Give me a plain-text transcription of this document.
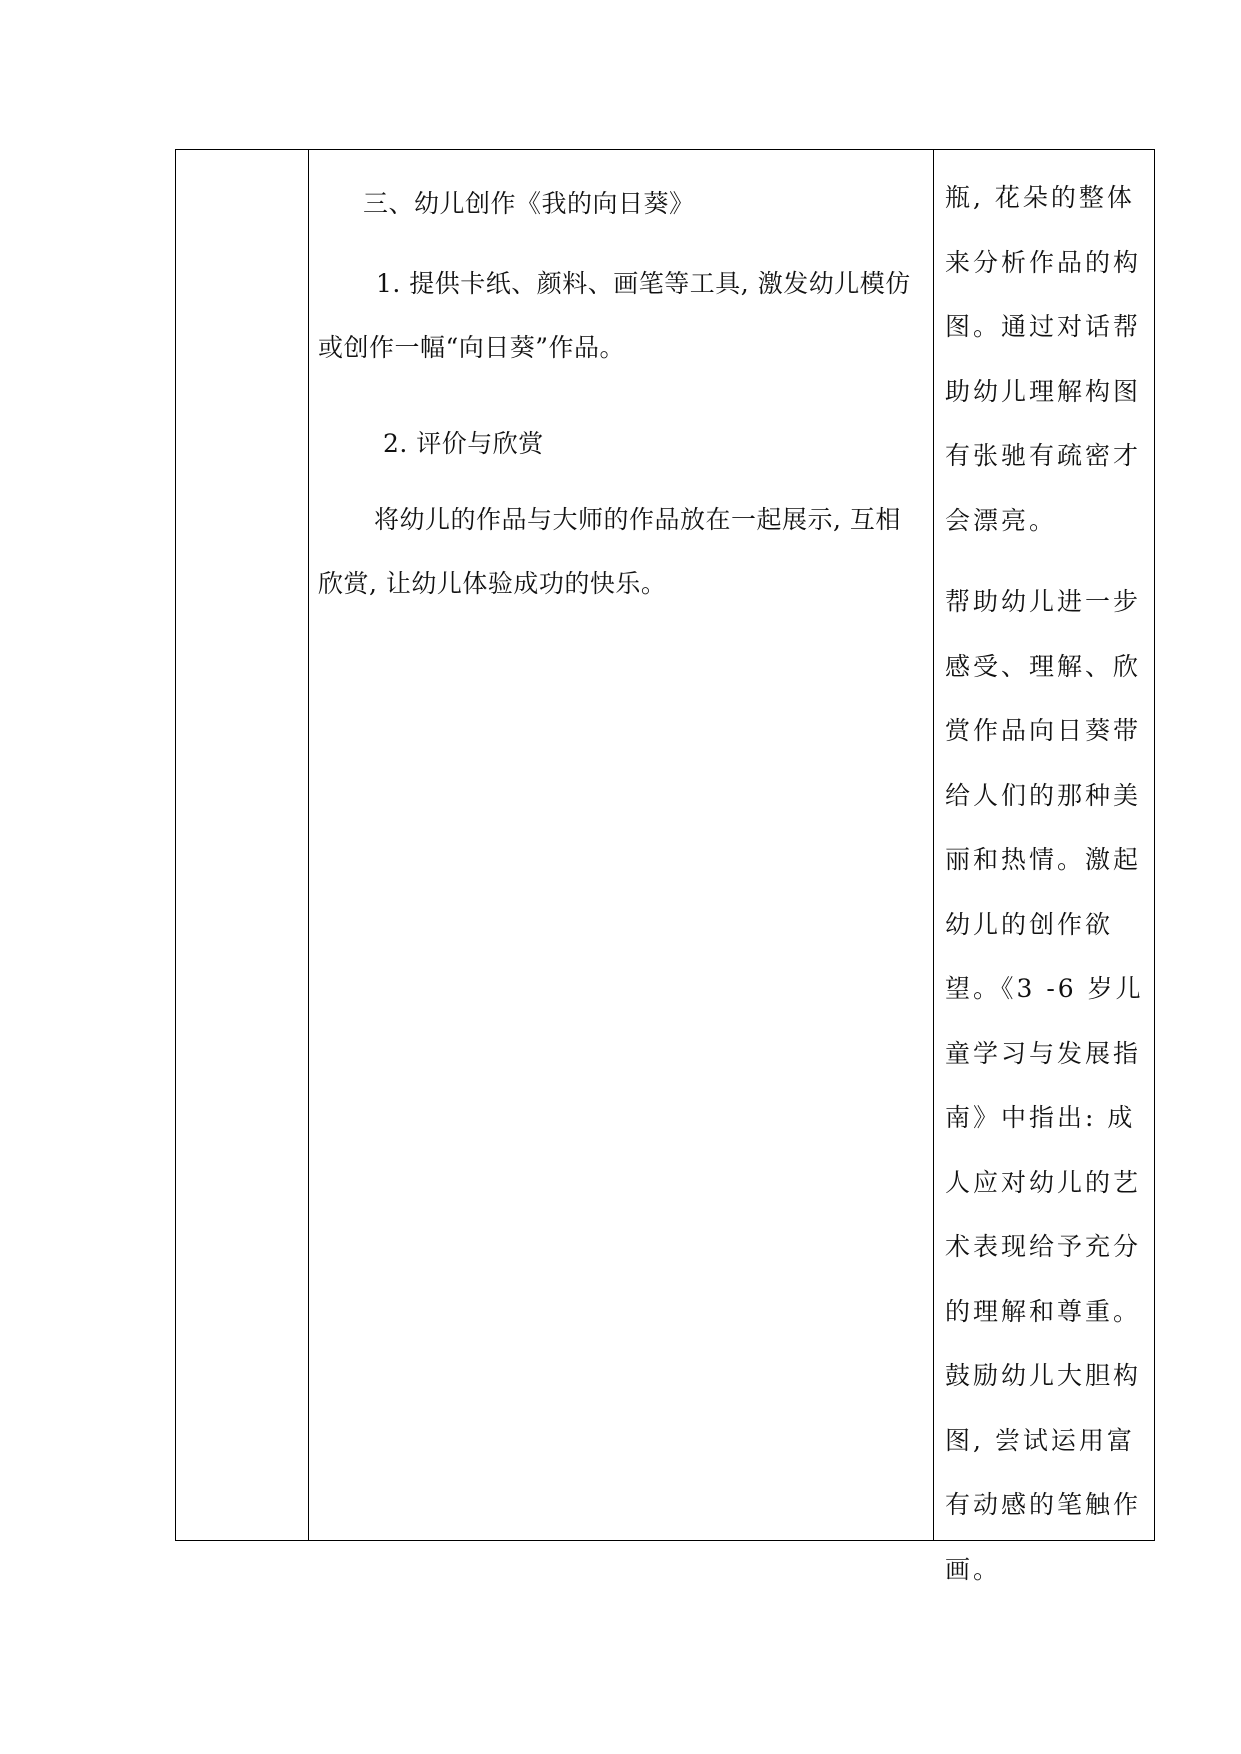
三、幼儿创作《我的向日葵》

1. 提供卡纸、颜料、画笔等工具, 激发幼儿模仿或创作一幅“向日葵”作品。

2. 评价与欣赏

将幼儿的作品与大师的作品放在一起展示, 互相欣赏, 让幼儿体验成功的快乐。

瓶, 花朵的整体来分析作品的构图。通过对话帮助幼儿理解构图有张驰有疏密才会漂亮。

帮助幼儿进一步感受、理解、欣赏作品向日葵带给人们的那种美丽和热情。激起幼儿的创作欲望。《3 -6 岁儿童学习与发展指南》中指出: 成人应对幼儿的艺术表现给予充分的理解和尊重。鼓励幼儿大胆构图, 尝试运用富有动感的笔触作画。
